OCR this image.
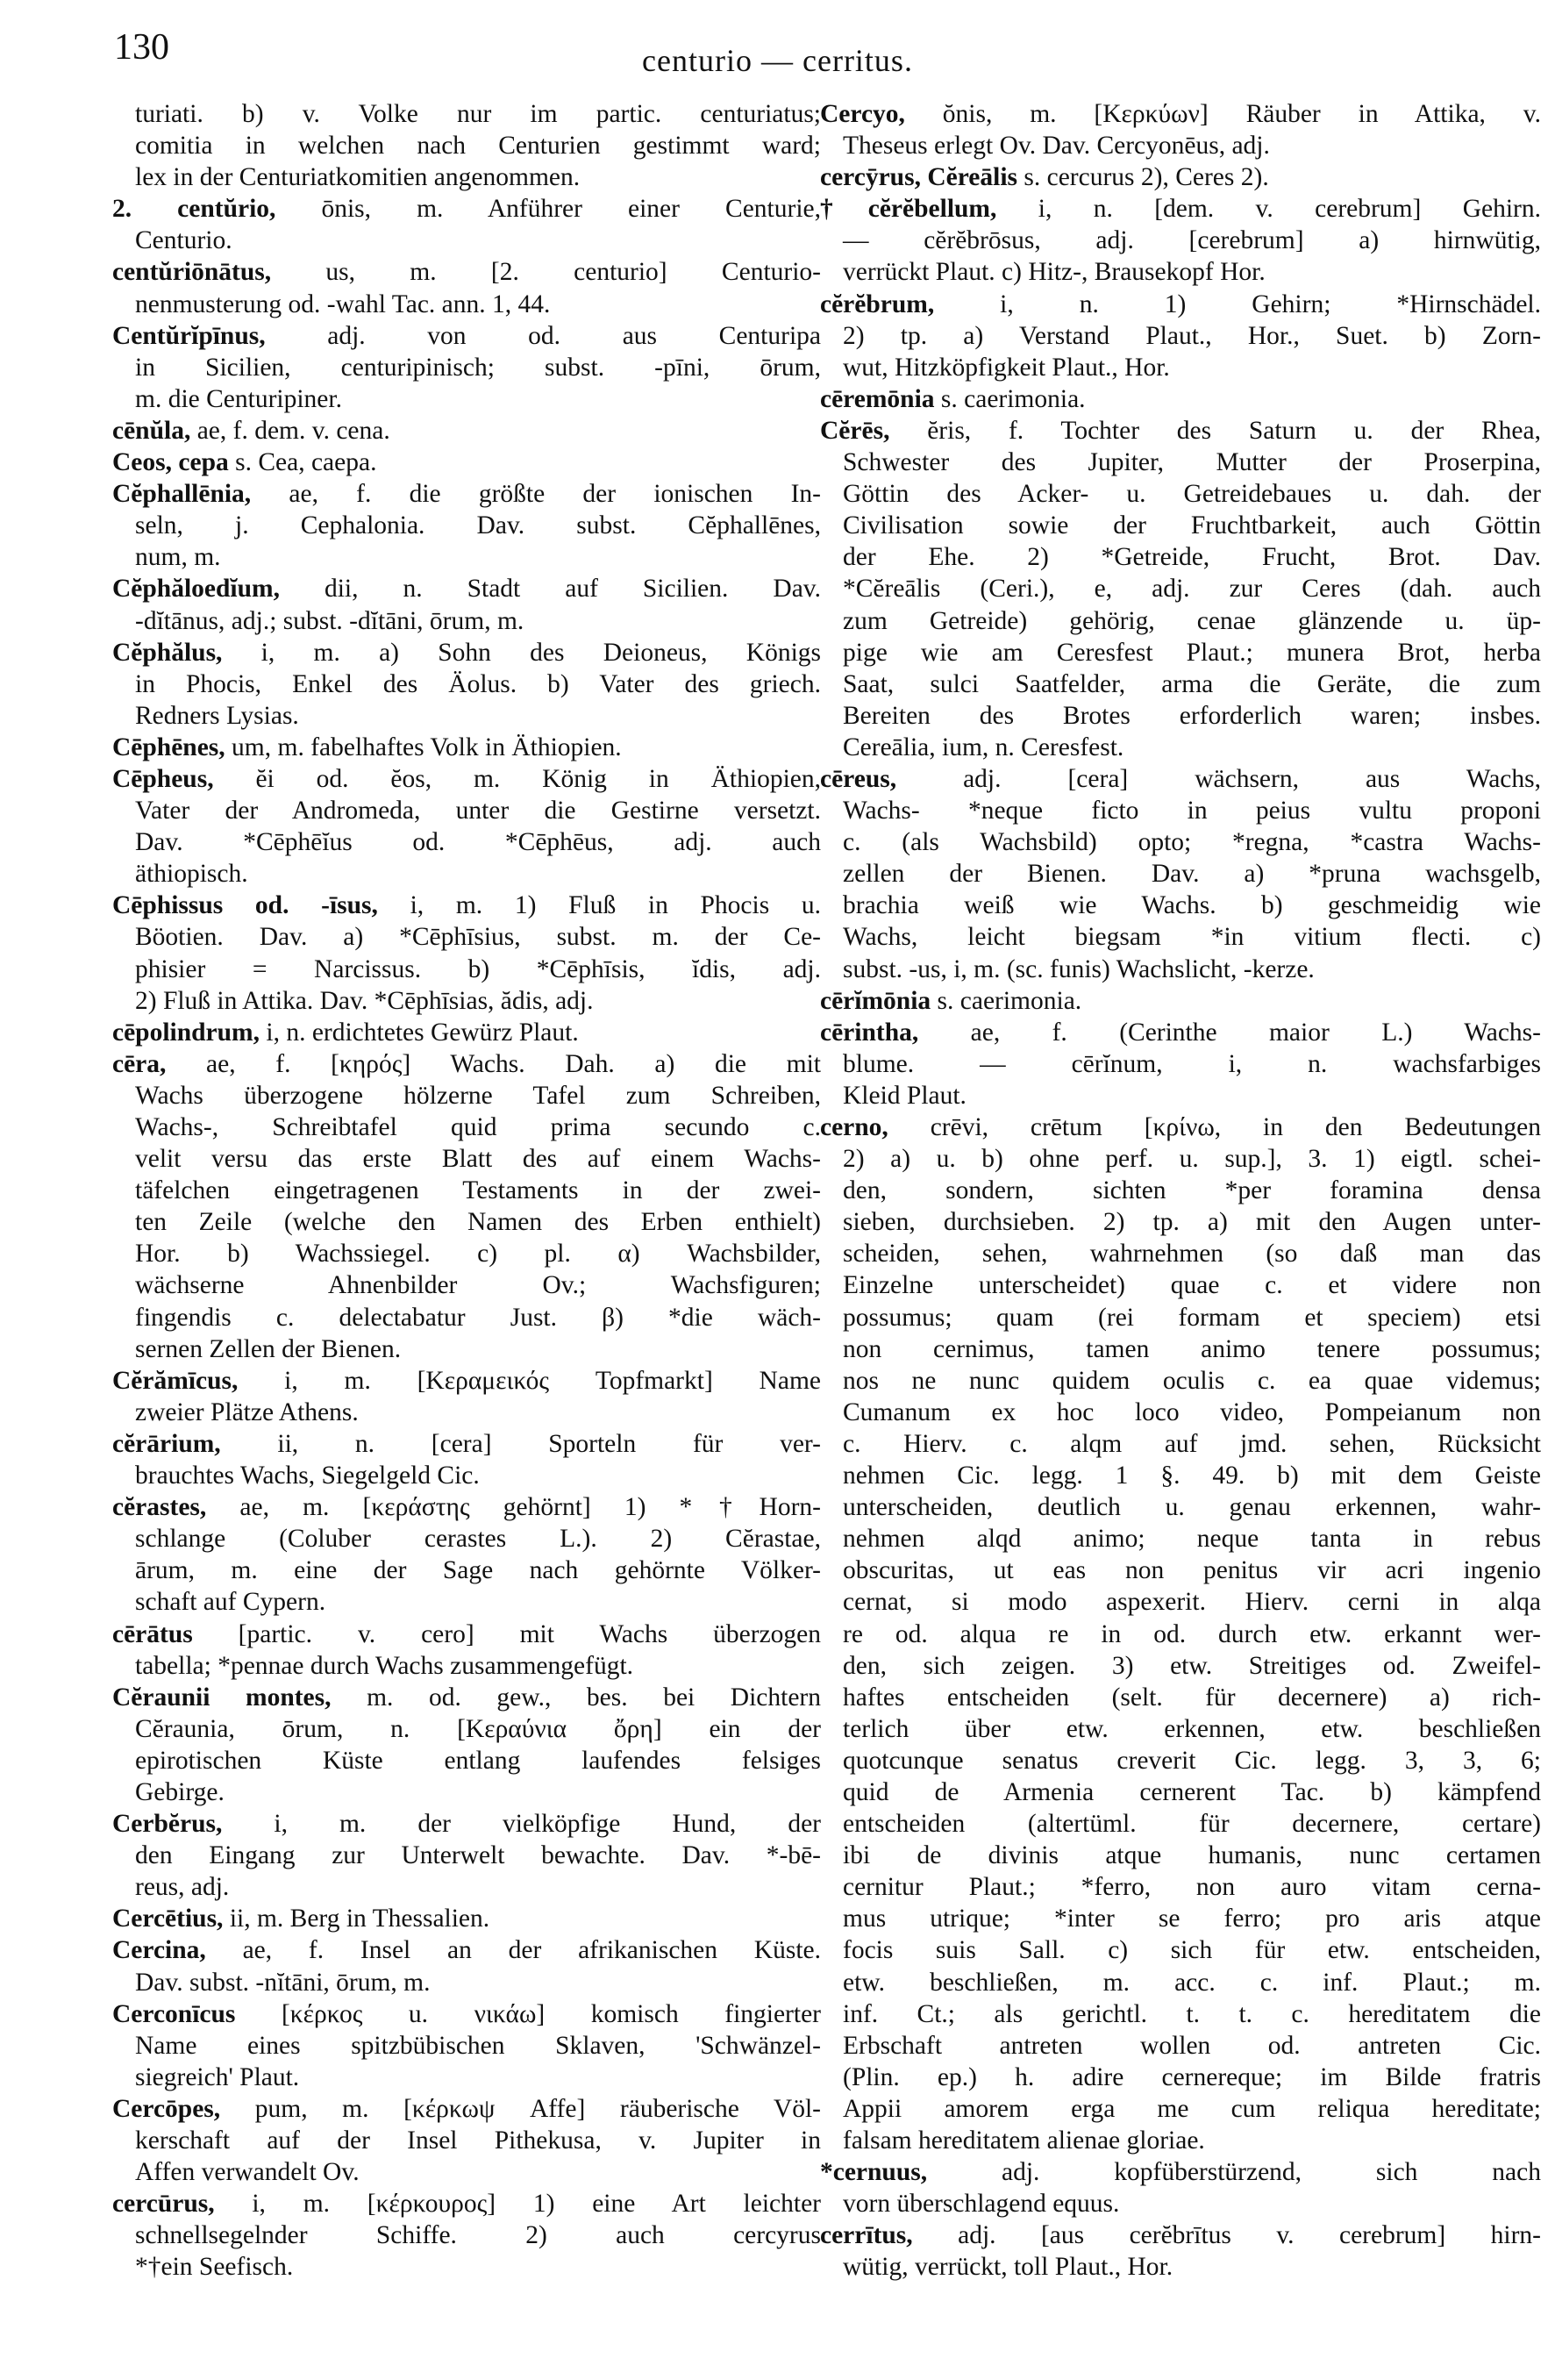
130	centurio — cerritus.
turiati. b) v. Volke nur im partic. centuriatus;
comitia in welchen nach Centurien gestimmt ward;
lex in der Centuriatkomitien angenommen.
2. centŭrio, ōnis, m. Anführer einer Centurie,
Centurio.
centŭriōnātus, us, m. [2. centurio] Centurio-
nenmusterung od. -wahl Tac. ann. 1, 44.
Centŭrĭpīnus, adj. von od. aus Centuripa
in Sicilien, centuripinisch; subst. -pīni, ōrum,
m. die Centuripiner.
cēnŭla, ae, f. dem. v. cena.
Ceos, cepa s. Cea, caepa.
Cĕphallēnia, ae, f. die größte der ionischen In-
seln, j. Cephalonia. Dav. subst. Cĕphallēnes,
num, m.
Cĕphăloedĭum, dii, n. Stadt auf Sicilien. Dav.
-dĭtānus, adj.; subst. -dĭtāni, ōrum, m.
Cĕphălus, i, m. a) Sohn des Deioneus, Königs
in Phocis, Enkel des Äolus. b) Vater des griech.
Redners Lysias.
Cēphēnes, um, m. fabelhaftes Volk in Äthiopien.
Cēpheus, ĕi od. ĕos, m. König in Äthiopien,
Vater der Andromeda, unter die Gestirne versetzt.
Dav. *Cēphēĭus od. *Cēphēus, adj. auch
äthiopisch.
Cēphissus od. -īsus, i, m. 1) Fluß in Phocis u.
Böotien. Dav. a) *Cēphīsius, subst. m. der Ce-
phisier = Narcissus. b) *Cēphīsis, ĭdis, adj.
2) Fluß in Attika. Dav. *Cēphīsias, ădis, adj.
cēpolindrum, i, n. erdichtetes Gewürz Plaut.
cēra, ae, f. [κηρός] Wachs. Dah. a) die mit
Wachs überzogene hölzerne Tafel zum Schreiben,
Wachs-, Schreibtafel quid prima secundo c.
velit versu das erste Blatt des auf einem Wachs-
täfelchen eingetragenen Testaments in der zwei-
ten Zeile (welche den Namen des Erben enthielt)
Hor. b) Wachssiegel. c) pl. α) Wachsbilder,
wächserne Ahnenbilder Ov.; Wachsfiguren;
fingendis c. delectabatur Just. β) *die wäch-
sernen Zellen der Bienen.
Cĕrămīcus, i, m. [Κεραμεικός Topfmarkt] Name
zweier Plätze Athens.
cĕrārium, ii, n. [cera] Sporteln für ver-
brauchtes Wachs, Siegelgeld Cic.
cĕrastes, ae, m. [κεράστης gehörnt] 1) *†Horn-
schlange (Coluber cerastes L.). 2) Cĕrastae,
ārum, m. eine der Sage nach gehörnte Völker-
schaft auf Cypern.
cērātus [partic. v. cero] mit Wachs überzogen
tabella; *pennae durch Wachs zusammengefügt.
Cĕraunii montes, m. od. gew., bes. bei Dichtern
Cĕraunia, ōrum, n. [Κεραύνια ὄρη] ein der
epirotischen Küste entlang laufendes felsiges
Gebirge.
Cerbĕrus, i, m. der vielköpfige Hund, der
den Eingang zur Unterwelt bewachte. Dav. *-bē-
reus, adj.
Cercētius, ii, m. Berg in Thessalien.
Cercina, ae, f. Insel an der afrikanischen Küste.
Dav. subst. -nĭtāni, ōrum, m.
Cerconīcus [κέρκος u. νικάω] komisch fingierter
Name eines spitzbübischen Sklaven, 'Schwänzel-
siegreich' Plaut.
Cercōpes, pum, m. [κέρκωψ Affe] räuberische Völ-
kerschaft auf der Insel Pithekusa, v. Jupiter in
Affen verwandelt Ov.
cercūrus, i, m. [κέρκουρος] 1) eine Art leichter
schnellsegelnder Schiffe. 2) auch cercyrus
*†ein Seefisch.
Cercyo, ŏnis, m. [Κερκύων] Räuber in Attika, v.
Theseus erlegt Ov. Dav. Cercyonēus, adj.
cercȳrus, Cĕreālis s. cercurus 2), Ceres 2).
†cĕrĕbellum, i, n. [dem. v. cerebrum] Gehirn.
— cĕrĕbrōsus, adj. [cerebrum] a) hirnwütig,
verrückt Plaut. c) Hitz-, Brausekopf Hor.
cĕrĕbrum, i, n. 1) Gehirn; *Hirnschädel.
2) tp. a) Verstand Plaut., Hor., Suet. b) Zorn-
wut, Hitzköpfigkeit Plaut., Hor.
cēremōnia s. caerimonia.
Cĕrēs, ĕris, f. Tochter des Saturn u. der Rhea,
Schwester des Jupiter, Mutter der Proserpina,
Göttin des Acker- u. Getreidebaues u. dah. der
Civilisation sowie der Fruchtbarkeit, auch Göttin
der Ehe. 2) *Getreide, Frucht, Brot. Dav.
*Cĕreālis (Ceri.), e, adj. zur Ceres (dah. auch
zum Getreide) gehörig, cenae glänzende u. üp-
pige wie am Ceresfest Plaut.; munera Brot, herba
Saat, sulci Saatfelder, arma die Geräte, die zum
Bereiten des Brotes erforderlich waren; insbes.
Cereālia, ium, n. Ceresfest.
cēreus, adj. [cera] wächsern, aus Wachs,
Wachs- *neque ficto in peius vultu proponi
c. (als Wachsbild) opto; *regna, *castra Wachs-
zellen der Bienen. Dav. a) *pruna wachsgelb,
brachia weiß wie Wachs. b) geschmeidig wie
Wachs, leicht biegsam *in vitium flecti. c)
subst. -us, i, m. (sc. funis) Wachslicht, -kerze.
cērĭmōnia s. caerimonia.
cērintha, ae, f. (Cerinthe maior L.) Wachs-
blume. — cērĭnum, i, n. wachsfarbiges
Kleid Plaut.
cerno, crēvi, crētum [κρίνω, in den Bedeutungen
2) a) u. b) ohne perf. u. sup.], 3. 1) eigtl. schei-
den, sondern, sichten *per foramina densa
sieben, durchsieben. 2) tp. a) mit den Augen unter-
scheiden, sehen, wahrnehmen (so daß man das
Einzelne unterscheidet) quae c. et videre non
possumus; quam (rei formam et speciem) etsi
non cernimus, tamen animo tenere possumus;
nos ne nunc quidem oculis c. ea quae videmus;
Cumanum ex hoc loco video, Pompeianum non
c. Hierv. c. alqm auf jmd. sehen, Rücksicht
nehmen Cic. legg. 1 §. 49. b) mit dem Geiste
unterscheiden, deutlich u. genau erkennen, wahr-
nehmen alqd animo; neque tanta in rebus
obscuritas, ut eas non penitus vir acri ingenio
cernat, si modo aspexerit. Hierv. cerni in alqa
re od. alqua re in od. durch etw. erkannt wer-
den, sich zeigen. 3) etw. Streitiges od. Zweifel-
haftes entscheiden (selt. für decernere) a) rich-
terlich über etw. erkennen, etw. beschließen
quotcunque senatus creverit Cic. legg. 3, 3, 6;
quid de Armenia cernerent Tac. b) kämpfend
entscheiden (altertüml. für decernere, certare)
ibi de divinis atque humanis, nunc certamen
cernitur Plaut.; *ferro, non auro vitam cerna-
mus utrique; *inter se ferro; pro aris atque
focis suis Sall. c) sich für etw. entscheiden,
etw. beschließen, m. acc. c. inf. Plaut.; m.
inf. Ct.; als gerichtl. t. t. c. hereditatem die
Erbschaft antreten wollen od. antreten Cic.
(Plin. ep.) h. adire cernereque; im Bilde fratris
Appii amorem erga me cum reliqua hereditate;
falsam hereditatem alienae gloriae.
*cernuus, adj. kopfüberstürzend, sich nach
vorn überschlagend equus.
cerrītus, adj. [aus cerĕbrītus v. cerebrum] hirn-
wütig, verrückt, toll Plaut., Hor.
